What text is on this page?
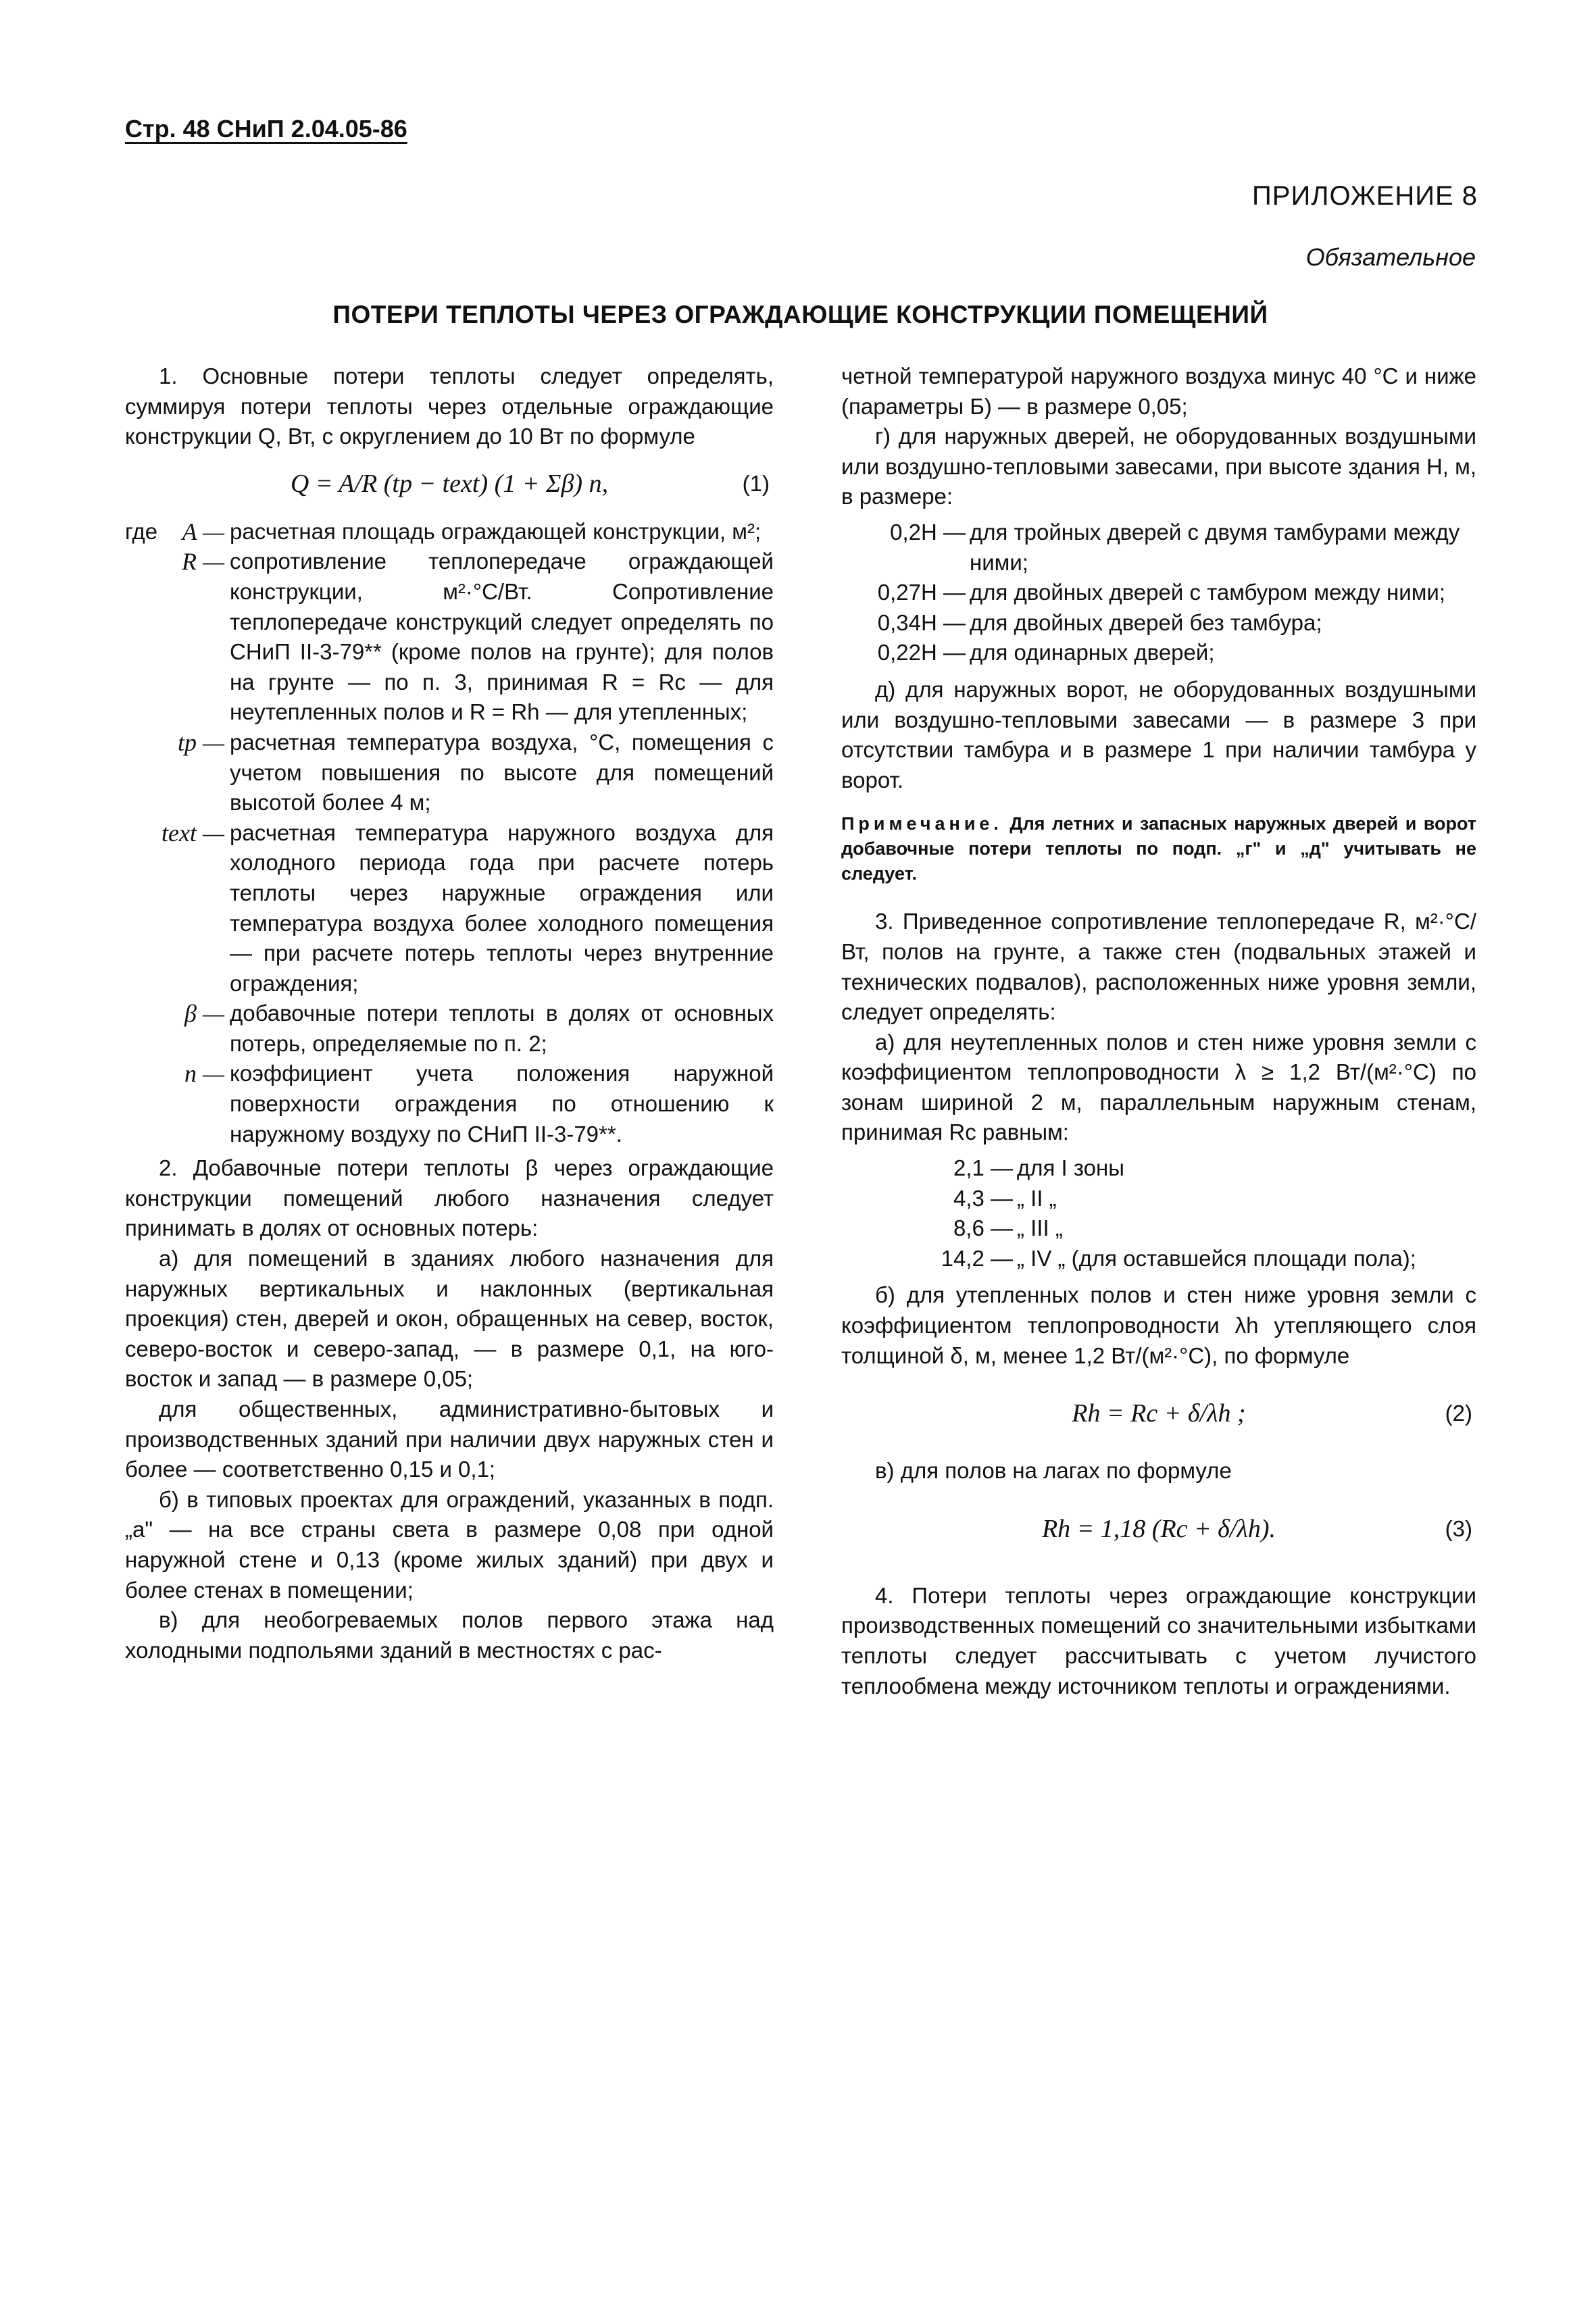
Стр. 48 СНиП 2.04.05-86
ПРИЛОЖЕНИЕ 8
Обязательное
ПОТЕРИ ТЕПЛОТЫ ЧЕРЕЗ ОГРАЖДАЮЩИЕ КОНСТРУКЦИИ ПОМЕЩЕНИЙ

1. Основные потери теплоты следует определять, суммируя потери теплоты через отдельные ограждающие конструкции Q, Вт, с округлением до 10 Вт по формуле

Q = A/R (tp − text) (1 + Σβ) n,	(1)
где	A — расчетная площадь ограждающей конструкции, м²;
R — сопротивление теплопередаче ограждающей конструкции, м²·°С/Вт. Сопротивление теплопередаче конструкций следует определять по СНиП II-3-79** (кроме полов на грунте); для полов на грунте — по п. 3, принимая R = Rc — для неутепленных полов и R = Rh — для утепленных;
tp — расчетная температура воздуха, °С, помещения с учетом повышения по высоте для помещений высотой более 4 м;
text — расчетная температура наружного воздуха для холодного периода года при расчете потерь теплоты через наружные ограждения или температура воздуха более холодного помещения — при расчете потерь теплоты через внутренние ограждения;
β — добавочные потери теплоты в долях от основных потерь, определяемые по п. 2;
n — коэффициент учета положения наружной поверхности ограждения по отношению к наружному воздуху по СНиП II-3-79**.

2. Добавочные потери теплоты β через ограждающие конструкции помещений любого назначения следует принимать в долях от основных потерь:

а) для помещений в зданиях любого назначения для наружных вертикальных и наклонных (вертикальная проекция) стен, дверей и окон, обращенных на север, восток, северо-восток и северо-запад, — в размере 0,1, на юго-восток и запад — в размере 0,05;

для общественных, административно-бытовых и производственных зданий при наличии двух наружных стен и более — соответственно 0,15 и 0,1;

б) в типовых проектах для ограждений, указанных в подп. „а" — на все страны света в размере 0,08 при одной наружной стене и 0,13 (кроме жилых зданий) при двух и более стенах в помещении;

в) для необогреваемых полов первого этажа над холодными подпольями зданий в местностях с рас-

четной температурой наружного воздуха минус 40 °С и ниже (параметры Б) — в размере 0,05;

г) для наружных дверей, не оборудованных воздушными или воздушно-тепловыми завесами, при высоте здания H, м, в размере:

0,2H — для тройных дверей с двумя тамбурами между ними;
0,27H — для двойных дверей с тамбуром между ними;
0,34H — для двойных дверей без тамбура;
0,22H — для одинарных дверей;

д) для наружных ворот, не оборудованных воздушными или воздушно-тепловыми завесами — в размере 3 при отсутствии тамбура и в размере 1 при наличии тамбура у ворот.

Примечание. Для летних и запасных наружных дверей и ворот добавочные потери теплоты по подп. „г" и „д" учитывать не следует.

3. Приведенное сопротивление теплопередаче R, м²·°С/Вт, полов на грунте, а также стен (подвальных этажей и технических подвалов), расположенных ниже уровня земли, следует определять:

а) для неутепленных полов и стен ниже уровня земли с коэффициентом теплопроводности λ ≥ 1,2 Вт/(м²·°С) по зонам шириной 2 м, параллельным наружным стенам, принимая Rc равным:

2,1 — для I зоны
4,3 — „ II „
8,6 — „ III „
14,2 — „ IV „ (для оставшейся площади пола);

б) для утепленных полов и стен ниже уровня земли с коэффициентом теплопроводности λh утепляющего слоя толщиной δ, м, менее 1,2 Вт/(м²·°С), по формуле

Rh = Rc + δ/λh ;	(2)

в) для полов на лагах по формуле

Rh = 1,18 (Rc + δ/λh).	(3)

4. Потери теплоты через ограждающие конструкции производственных помещений со значительными избытками теплоты следует рассчитывать с учетом лучистого теплообмена между источником теплоты и ограждениями.
